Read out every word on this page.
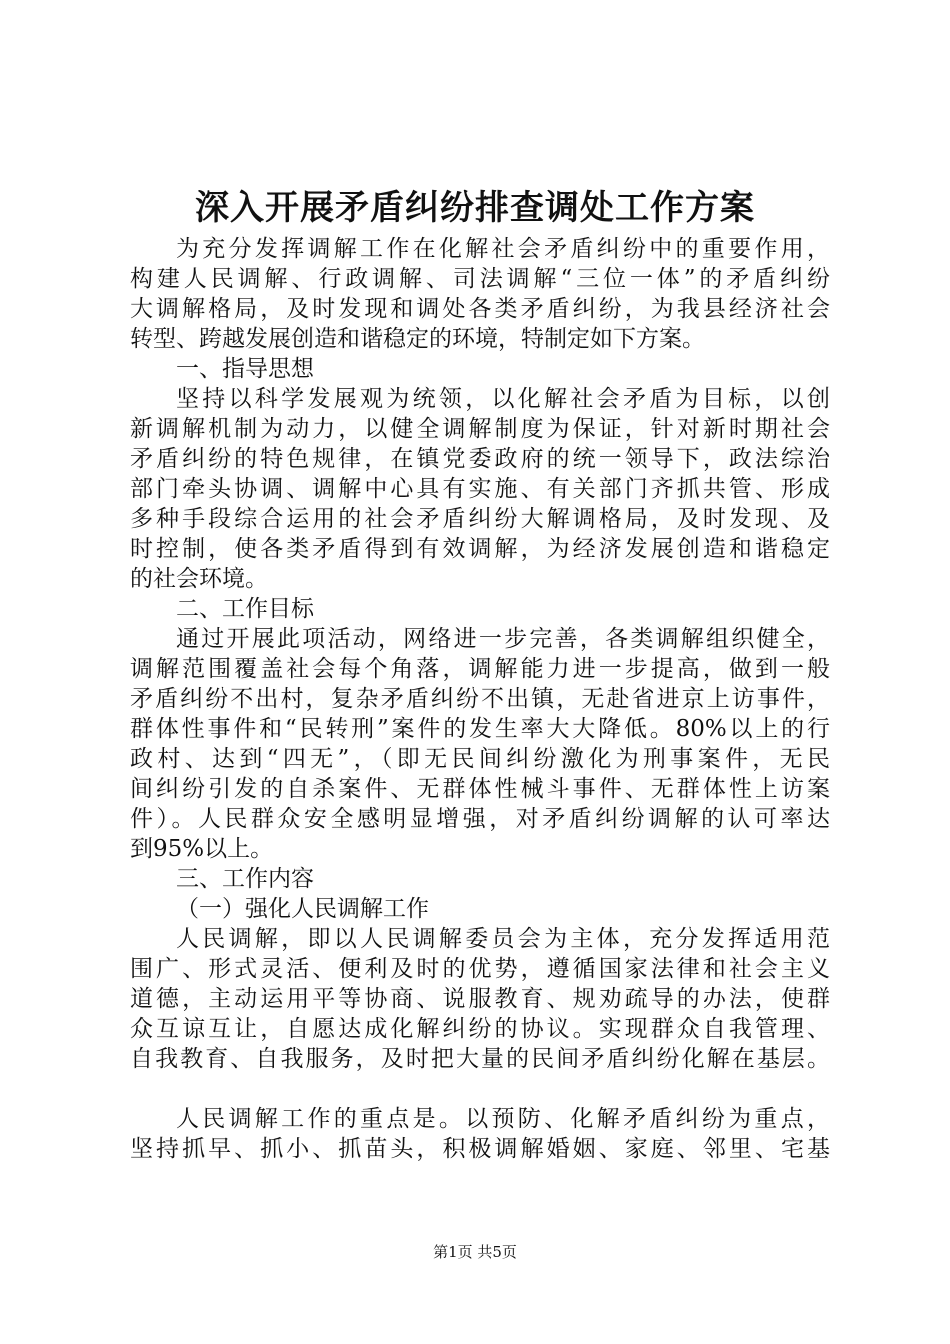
深入开展矛盾纠纷排查调处工作方案
为充分发挥调解工作在化解社会矛盾纠纷中的重要作用，
构建人民调解、行政调解、司法调解“三位一体”的矛盾纠纷
大调解格局，及时发现和调处各类矛盾纠纷，为我县经济社会
转型、跨越发展创造和谐稳定的环境，特制定如下方案。
一、指导思想
坚持以科学发展观为统领，以化解社会矛盾为目标，以创
新调解机制为动力，以健全调解制度为保证，针对新时期社会
矛盾纠纷的特色规律，在镇党委政府的统一领导下，政法综治
部门牵头协调、调解中心具有实施、有关部门齐抓共管、形成
多种手段综合运用的社会矛盾纠纷大解调格局，及时发现、及
时控制，使各类矛盾得到有效调解，为经济发展创造和谐稳定
的社会环境。
二、工作目标
通过开展此项活动，网络进一步完善，各类调解组织健全，
调解范围覆盖社会每个角落，调解能力进一步提高，做到一般
矛盾纠纷不出村，复杂矛盾纠纷不出镇，无赴省进京上访事件，
群体性事件和“民转刑”案件的发生率大大降低。80%以上的行
政村、达到“四无”，（即无民间纠纷激化为刑事案件，无民
间纠纷引发的自杀案件、无群体性械斗事件、无群体性上访案
件）。人民群众安全感明显增强，对矛盾纠纷调解的认可率达
到95%以上。
三、工作内容
（一）强化人民调解工作
人民调解，即以人民调解委员会为主体，充分发挥适用范
围广、形式灵活、便利及时的优势，遵循国家法律和社会主义
道德，主动运用平等协商、说服教育、规劝疏导的办法，使群
众互谅互让，自愿达成化解纠纷的协议。实现群众自我管理、
自我教育、自我服务，及时把大量的民间矛盾纠纷化解在基层。
人民调解工作的重点是。以预防、化解矛盾纠纷为重点，
坚持抓早、抓小、抓苗头，积极调解婚姻、家庭、邻里、宅基
第1页 共5页
